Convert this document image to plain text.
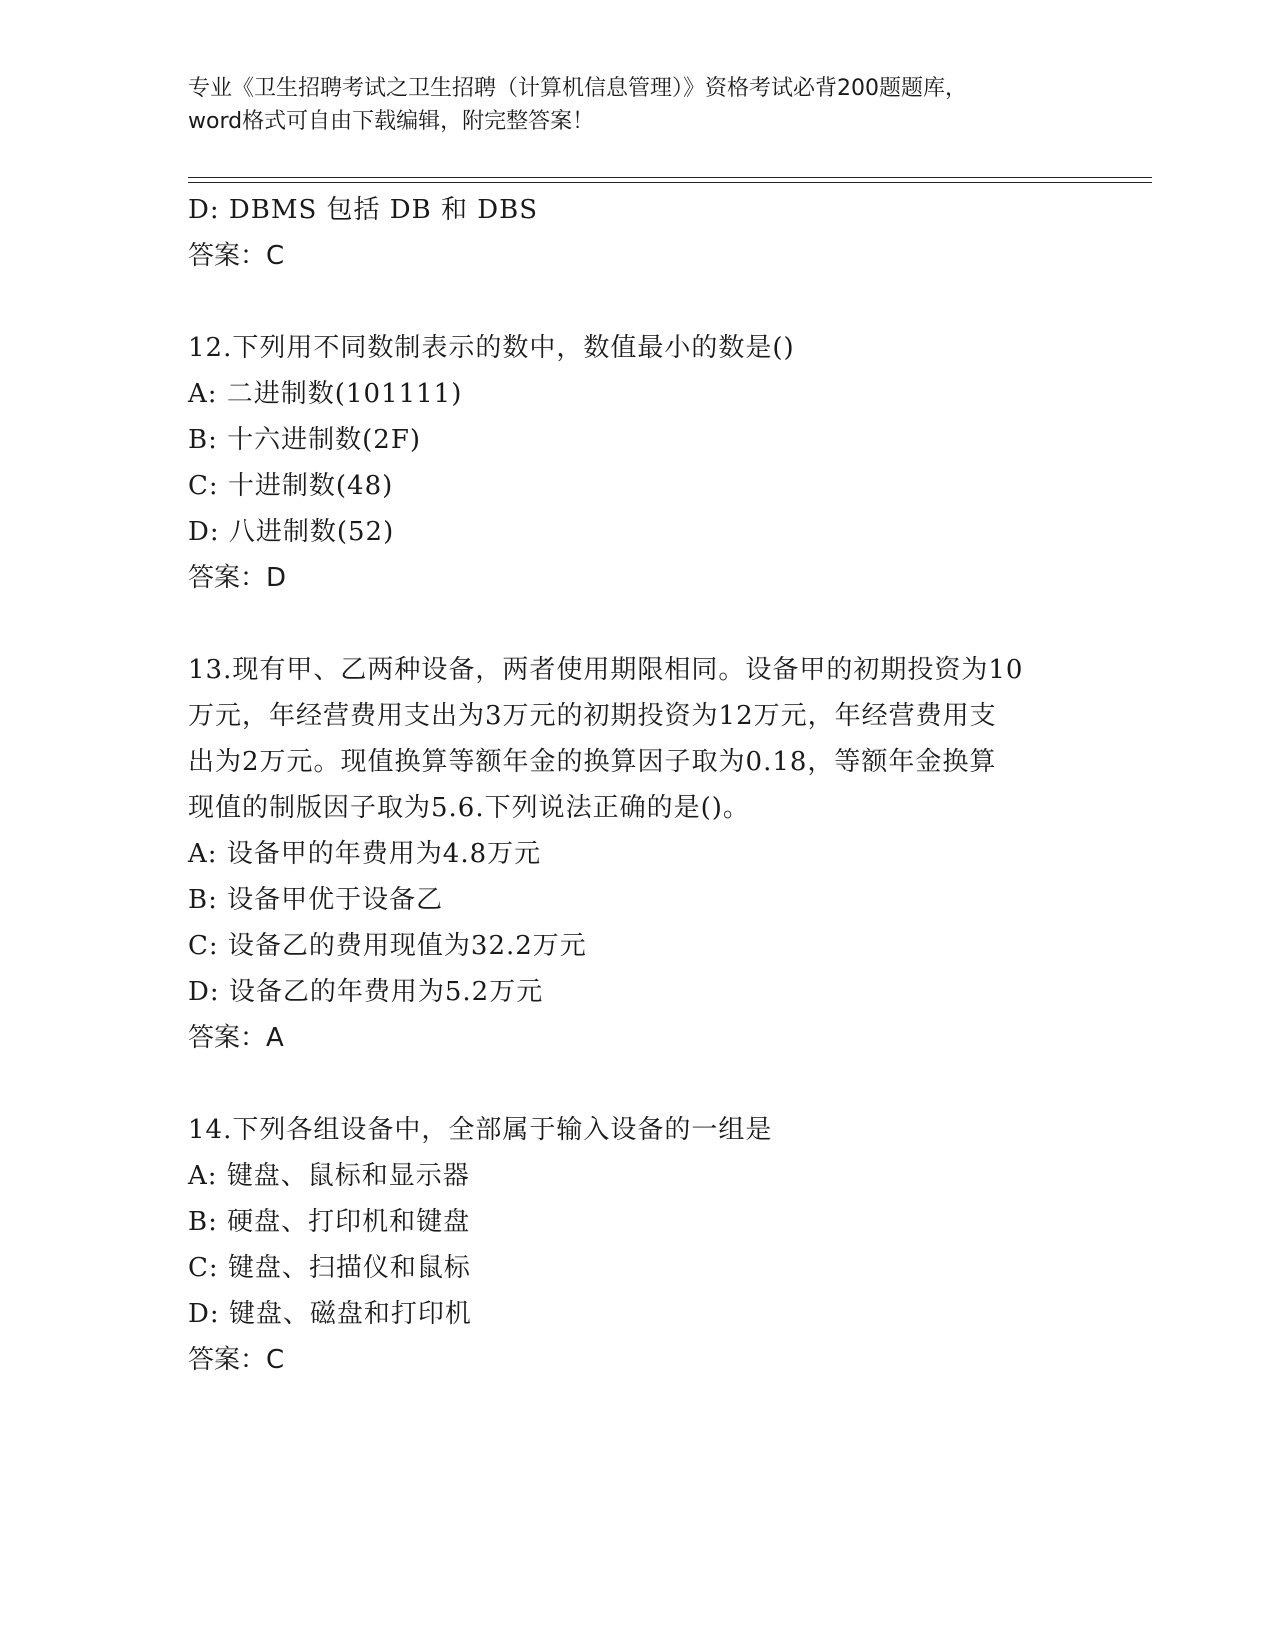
专业《卫生招聘考试之卫生招聘（计算机信息管理）》资格考试必背200题题库，
word格式可自由下载编辑，附完整答案！
D: DBMS 包括 DB 和 DBS
答案：C
12.下列用不同数制表示的数中，数值最小的数是()
A: 二进制数(101111)
B: 十六进制数(2F)
C: 十进制数(48)
D: 八进制数(52)
答案：D
13.现有甲、乙两种设备，两者使用期限相同。设备甲的初期投资为10
万元，年经营费用支出为3万元的初期投资为12万元，年经营费用支
出为2万元。现值换算等额年金的换算因子取为0.18，等额年金换算
现值的制版因子取为5.6.下列说法正确的是()。
A: 设备甲的年费用为4.8万元
B: 设备甲优于设备乙
C: 设备乙的费用现值为32.2万元
D: 设备乙的年费用为5.2万元
答案：A
14.下列各组设备中，全部属于输入设备的一组是
A: 键盘、鼠标和显示器
B: 硬盘、打印机和键盘
C: 键盘、扫描仪和鼠标
D: 键盘、磁盘和打印机
答案：C
